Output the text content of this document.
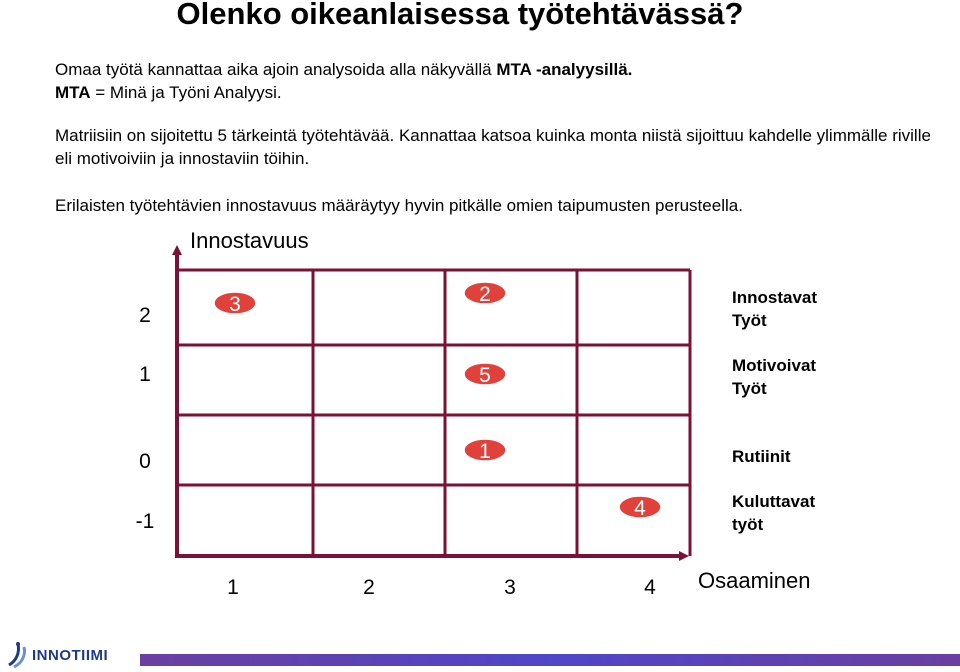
Olenko oikeanlaisessa työtehtävässä?

Omaa työtä kannattaa aika ajoin analysoida alla näkyvällä MTA -analyysillä.
MTA = Minä ja Työni Analyysi.

Matriisiin on sijoitettu 5 tärkeintä työtehtävää. Kannattaa katsoa kuinka monta niistä sijoittuu kahdelle ylimmälle riville eli motivoiviin ja innostaviin töihin.

Erilaisten työtehtävien innostavuus määräytyy hyvin pitkälle omien taipumusten perusteella.

Innostavuus
Osaaminen
2
1
0
-1
1	2	3	4
3	2
5
1
4
Innostavat
Työt
Motivoivat
Työt
Rutiinit
Kuluttavat
työt
INNOTIIMI
